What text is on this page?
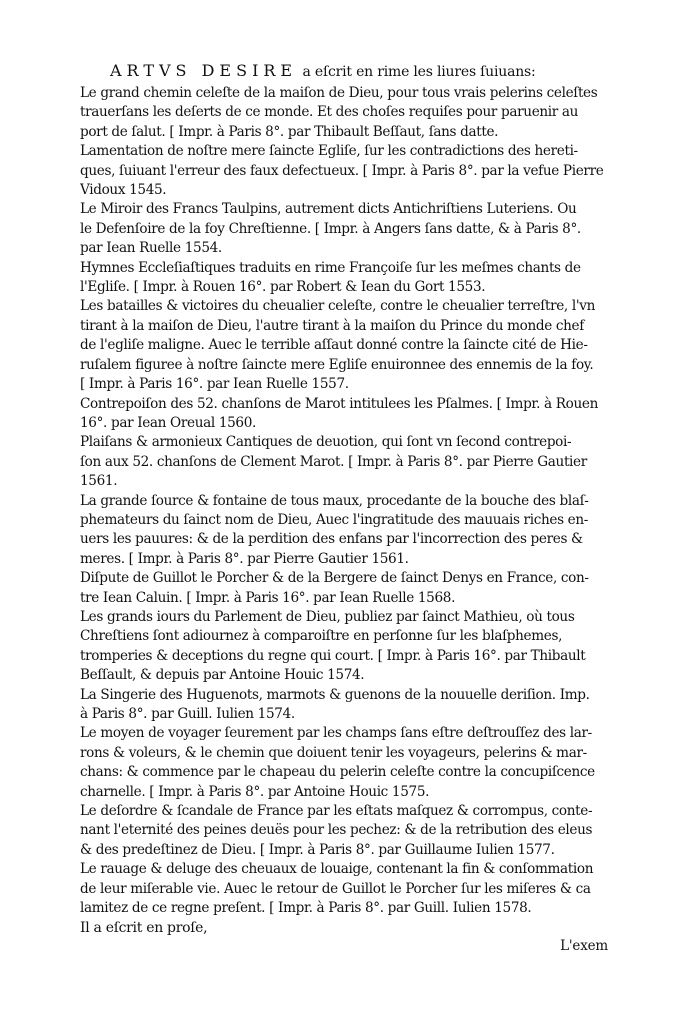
ARTVS DESIRE a eſcrit en rime les liures ſuiuans:
Le grand chemin celeſte de la maiſon de Dieu, pour tous vrais pelerins celeſtes
trauerſans les deſerts de ce monde. Et des choſes requiſes pour paruenir au
port de ſalut. [ Impr. à Paris 8°. par Thibault Beſſaut, ſans datte.
Lamentation de noſtre mere ſaincte Egliſe, ſur les contradictions des hereti-
ques, ſuiuant l'erreur des faux defectueux. [ Impr. à Paris 8°. par la vefue Pierre
Vidoux 1545.
Le Miroir des Francs Taulpins, autrement dicts Antichriſtiens Luteriens. Ou
le Defenſoire de la foy Chreſtienne. [ Impr. à Angers ſans datte, & à Paris 8°.
par Iean Ruelle 1554.
Hymnes Eccleſiaſtiques traduits en rime Françoiſe ſur les meſmes chants de
l'Egliſe. [ Impr. à Rouen 16°. par Robert & Iean du Gort 1553.
Les batailles & victoires du cheualier celeſte, contre le cheualier terreſtre, l'vn
tirant à la maiſon de Dieu, l'autre tirant à la maiſon du Prince du monde chef
de l'egliſe maligne. Auec le terrible aſſaut donné contre la ſaincte cité de Hie-
ruſalem figuree à noſtre ſaincte mere Egliſe enuironnee des ennemis de la foy.
[ Impr. à Paris 16°. par Iean Ruelle 1557.
Contrepoiſon des 52. chanſons de Marot intitulees les Pſalmes. [ Impr. à Rouen
16°. par Iean Oreual 1560.
Plaiſans & armonieux Cantiques de deuotion, qui ſont vn ſecond contrepoi-
ſon aux 52. chanſons de Clement Marot. [ Impr. à Paris 8°. par Pierre Gautier
1561.
La grande ſource & fontaine de tous maux, procedante de la bouche des blaſ-
phemateurs du ſainct nom de Dieu, Auec l'ingratitude des mauuais riches en-
uers les pauures: & de la perdition des enfans par l'incorrection des peres &
meres. [ Impr. à Paris 8°. par Pierre Gautier 1561.
Diſpute de Guillot le Porcher & de la Bergere de ſainct Denys en France, con-
tre Iean Caluin. [ Impr. à Paris 16°. par Iean Ruelle 1568.
Les grands iours du Parlement de Dieu, publiez par ſainct Mathieu, où tous
Chreſtiens ſont adiournez à comparoiſtre en perſonne ſur les blaſphemes,
tromperies & deceptions du regne qui court. [ Impr. à Paris 16°. par Thibault
Beſſault, & depuis par Antoine Houic 1574.
La Singerie des Huguenots, marmots & guenons de la nouuelle deriſion. Imp.
à Paris 8°. par Guill. Iulien 1574.
Le moyen de voyager ſeurement par les champs ſans eſtre deſtrouſſez des lar-
rons & voleurs, & le chemin que doiuent tenir les voyageurs, pelerins & mar-
chans: & commence par le chapeau du pelerin celeſte contre la concupiſcence
charnelle. [ Impr. à Paris 8°. par Antoine Houic 1575.
Le deſordre & ſcandale de France par les eſtats maſquez & corrompus, conte-
nant l'eternité des peines deuës pour les pechez: & de la retribution des eleus
& des predeſtinez de Dieu. [ Impr. à Paris 8°. par Guillaume Iulien 1577.
Le rauage & deluge des cheuaux de louaige, contenant la fin & conſommation
de leur miſerable vie. Auec le retour de Guillot le Porcher ſur les miſeres & ca
lamitez de ce regne preſent. [ Impr. à Paris 8°. par Guill. Iulien 1578.
Il a eſcrit en proſe,
L'exem
